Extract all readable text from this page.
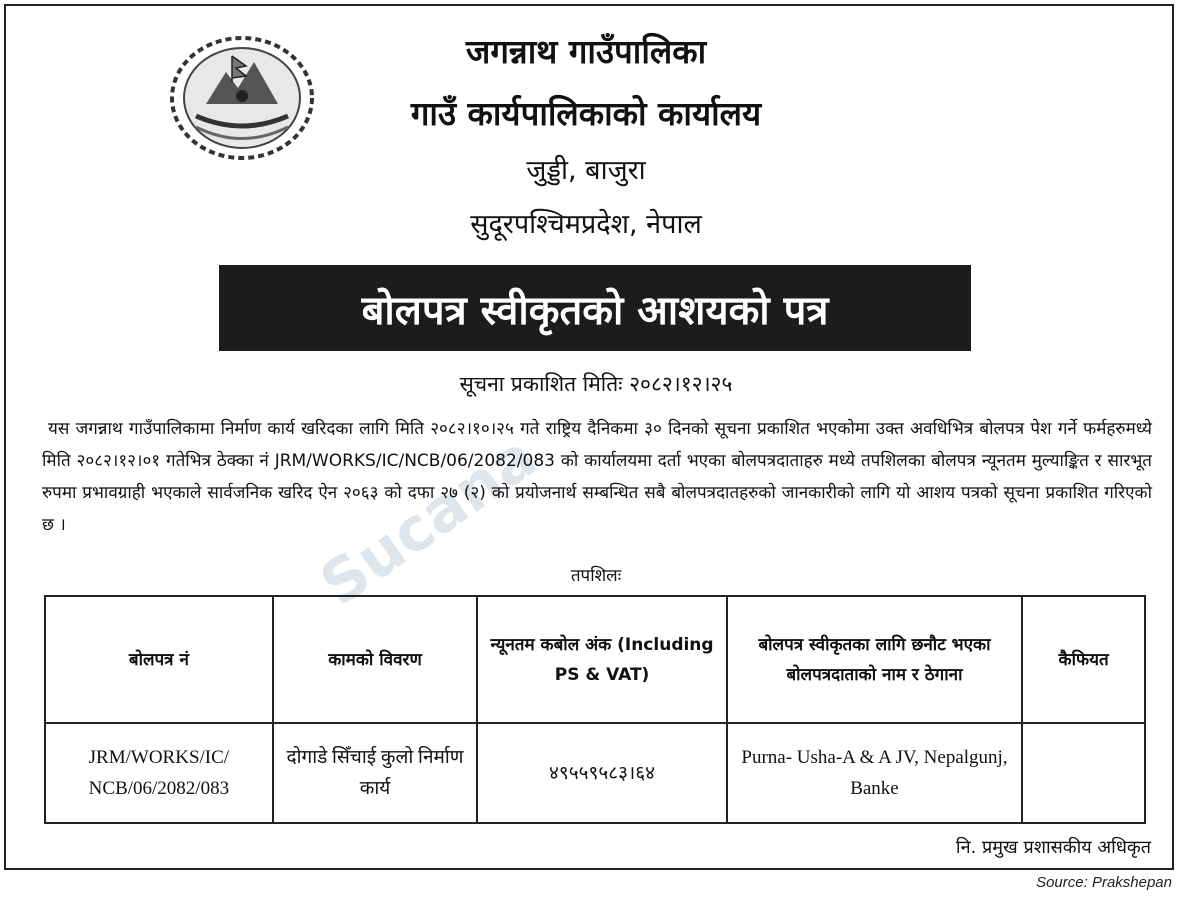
जगन्नाथ गाउँपालिका
गाउँ कार्यपालिकाको कार्यालय
जुड्डी, बाजुरा
सुदूरपश्चिमप्रदेश, नेपाल
बोलपत्र स्वीकृतको आशयको पत्र
सूचना प्रकाशित मितिः २०८२।१२।२५
Sucana
यस जगन्नाथ गाउँपालिकामा निर्माण कार्य खरिदका लागि मिति २०८२।१०।२५ गते राष्ट्रिय दैनिकमा ३० दिनको सूचना प्रकाशित भएकोमा उक्त अवधिभित्र बोलपत्र पेश गर्ने फर्महरुमध्ये मिति २०८२।१२।०१ गतेभित्र ठेक्का नं JRM/WORKS/IC/NCB/06/2082/083 को कार्यालयमा दर्ता भएका बोलपत्रदाताहरु मध्ये तपशिलका बोलपत्र न्यूनतम मुल्याङ्कित र सारभूत रुपमा प्रभावग्राही भएकाले सार्वजनिक खरिद ऐन २०६३ को दफा २७ (२) को प्रयोजनार्थ सम्बन्धित सबै बोलपत्रदातहरुको जानकारीको लागि यो आशय पत्रको सूचना प्रकाशित गरिएको छ ।
तपशिलः
बोलपत्र नं	कामको विवरण	न्यूनतम कबोल अंक (Including PS & VAT)	बोलपत्र स्वीकृतका लागि छनौट भएका बोलपत्रदाताको नाम र ठेगाना	कैफियत
JRM/WORKS/IC/ NCB/06/2082/083	दोगाडे सिँचाई कुलो निर्माण कार्य	४९५५९५८३।६४	Purna- Usha-A & A JV, Nepalgunj, Banke	
नि. प्रमुख प्रशासकीय अधिकृत
Source: Prakshepan
